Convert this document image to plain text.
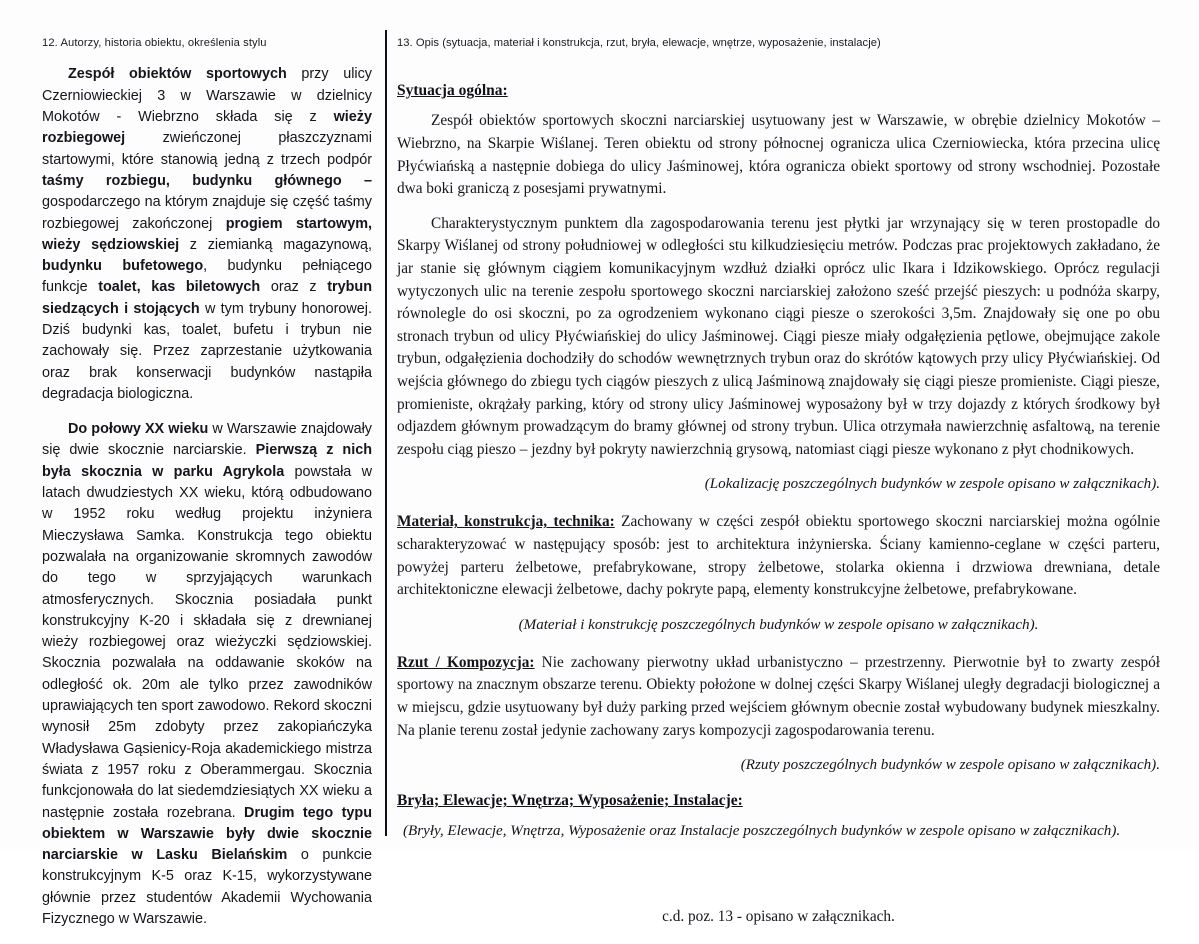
12. Autorzy, historia obiektu, określenia stylu

Zespół obiektów sportowych przy ulicy Czerniowieckiej 3 w Warszawie w dzielnicy Mokotów - Wiebrzno składa się z wieży rozbiegowej zwieńczonej płaszczyznami startowymi, które stanowią jedną z trzech podpór taśmy rozbiegu, budynku głównego – gospodarczego na którym znajduje się część taśmy rozbiegowej zakończonej progiem startowym, wieży sędziowskiej z ziemianką magazynową, budynku bufetowego, budynku pełniącego funkcje toalet, kas biletowych oraz z trybun siedzących i stojących w tym trybuny honorowej. Dziś budynki kas, toalet, bufetu i trybun nie zachowały się. Przez zaprzestanie użytkowania oraz brak konserwacji budynków nastąpiła degradacja biologiczna.

Do połowy XX wieku w Warszawie znajdowały się dwie skocznie narciarskie. Pierwszą z nich była skocznia w parku Agrykola powstała w latach dwudziestych XX wieku, którą odbudowano w 1952 roku według projektu inżyniera Mieczysława Samka. Konstrukcja tego obiektu pozwalała na organizowanie skromnych zawodów do tego w sprzyjających warunkach atmosferycznych. Skocznia posiadała punkt konstrukcyjny K-20 i składała się z drewnianej wieży rozbiegowej oraz wieżyczki sędziowskiej. Skocznia pozwalała na oddawanie skoków na odległość ok. 20m ale tylko przez zawodników uprawiających ten sport zawodowo. Rekord skoczni wynosił 25m zdobyty przez zakopiańczyka Władysława Gąsienicy-Roja akademickiego mistrza świata z 1957 roku z Oberammergau. Skocznia funkcjonowała do lat siedemdziesiątych XX wieku a następnie została rozebrana. Drugim tego typu obiektem w Warszawie były dwie skocznie narciarskie w Lasku Bielańskim o punkcie konstrukcyjnym K-5 oraz K-15, wykorzystywane głównie przez studentów Akademii Wychowania Fizycznego w Warszawie.

13. Opis (sytuacja, materiał i konstrukcja, rzut, bryła, elewacje, wnętrze, wyposażenie, instalacje)
Sytuacja ogólna:

Zespół obiektów sportowych skoczni narciarskiej usytuowany jest w Warszawie, w obrębie dzielnicy Mokotów – Wiebrzno, na Skarpie Wiślanej. Teren obiektu od strony północnej ogranicza ulica Czerniowiecka, która przecina ulicę Płyćwiańską a następnie dobiega do ulicy Jaśminowej, która ogranicza obiekt sportowy od strony wschodniej. Pozostałe dwa boki graniczą z posesjami prywatnymi.

Charakterystycznym punktem dla zagospodarowania terenu jest płytki jar wrzynający się w teren prostopadle do Skarpy Wiślanej od strony południowej w odległości stu kilkudziesięciu metrów. Podczas prac projektowych zakładano, że jar stanie się głównym ciągiem komunikacyjnym wzdłuż działki oprócz ulic Ikara i Idzikowskiego. Oprócz regulacji wytyczonych ulic na terenie zespołu sportowego skoczni narciarskiej założono sześć przejść pieszych: u podnóża skarpy, równolegle do osi skoczni, po za ogrodzeniem wykonano ciągi piesze o szerokości 3,5m. Znajdowały się one po obu stronach trybun od ulicy Płyćwiańskiej do ulicy Jaśminowej. Ciągi piesze miały odgałęzienia pętlowe, obejmujące zakole trybun, odgałęzienia dochodziły do schodów wewnętrznych trybun oraz do skrótów kątowych przy ulicy Płyćwiańskiej. Od wejścia głównego do zbiegu tych ciągów pieszych z ulicą Jaśminową znajdowały się ciągi piesze promieniste. Ciągi piesze, promieniste, okrążały parking, który od strony ulicy Jaśminowej wyposażony był w trzy dojazdy z których środkowy był odjazdem głównym prowadzącym do bramy głównej od strony trybun. Ulica otrzymała nawierzchnię asfaltową, na terenie zespołu ciąg pieszo – jezdny był pokryty nawierzchnią grysową, natomiast ciągi piesze wykonano z płyt chodnikowych.

(Lokalizację poszczególnych budynków w zespole opisano w załącznikach).

Materiał, konstrukcja, technika: Zachowany w części zespół obiektu sportowego skoczni narciarskiej można ogólnie scharakteryzować w następujący sposób: jest to architektura inżynierska. Ściany kamienno-ceglane w części parteru, powyżej parteru żelbetowe, prefabrykowane, stropy żelbetowe, stolarka okienna i drzwiowa drewniana, detale architektoniczne elewacji żelbetowe, dachy pokryte papą, elementy konstrukcyjne żelbetowe, prefabrykowane.

(Materiał i konstrukcję poszczególnych budynków w zespole opisano w załącznikach).

Rzut / Kompozycja: Nie zachowany pierwotny układ urbanistyczno – przestrzenny. Pierwotnie był to zwarty zespół sportowy na znacznym obszarze terenu. Obiekty położone w dolnej części Skarpy Wiślanej uległy degradacji biologicznej a w miejscu, gdzie usytuowany był duży parking przed wejściem głównym obecnie został wybudowany budynek mieszkalny. Na planie terenu został jedynie zachowany zarys kompozycji zagospodarowania terenu.

(Rzuty poszczególnych budynków w zespole opisano w załącznikach).

Bryła; Elewacje; Wnętrza; Wyposażenie; Instalacje:

(Bryły, Elewacje, Wnętrza, Wyposażenie oraz Instalacje poszczególnych budynków w zespole opisano w załącznikach).

c.d. poz. 13 - opisano w załącznikach.
